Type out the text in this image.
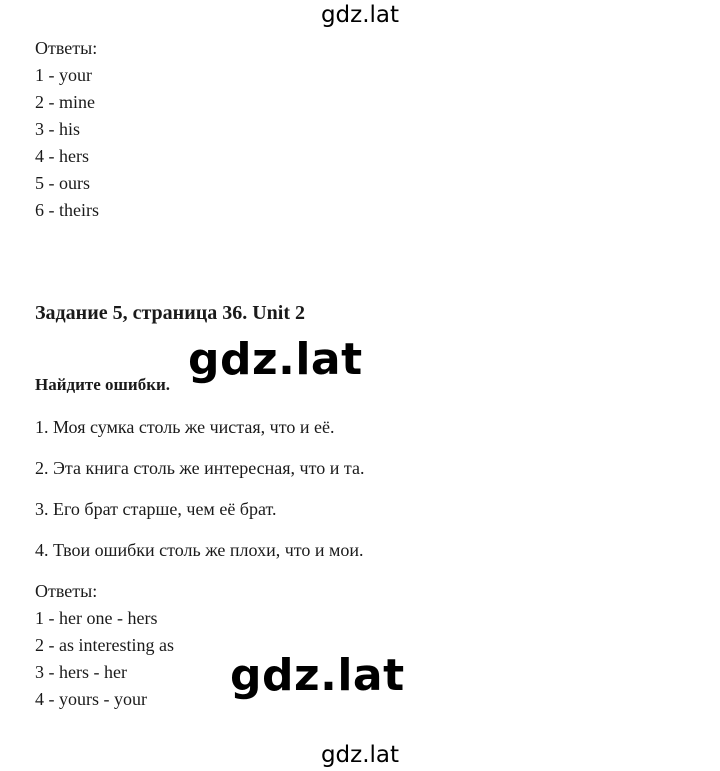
gdz.lat
Ответы:
1 - your
2 - mine
3 - his
4 - hers
5 - ours
6 - theirs
Задание 5, страница 36. Unit 2
Найдите ошибки. gdz.lat
1. Моя сумка столь же чистая, что и её.
2. Эта книга столь же интересная, что и та.
3. Его брат старше, чем её брат.
4. Твои ошибки столь же плохи, что и мои.
Ответы:
1 - her one - hers
2 - as interesting as
3 - hers - her
4 - yours - your gdz.lat
gdz.lat
